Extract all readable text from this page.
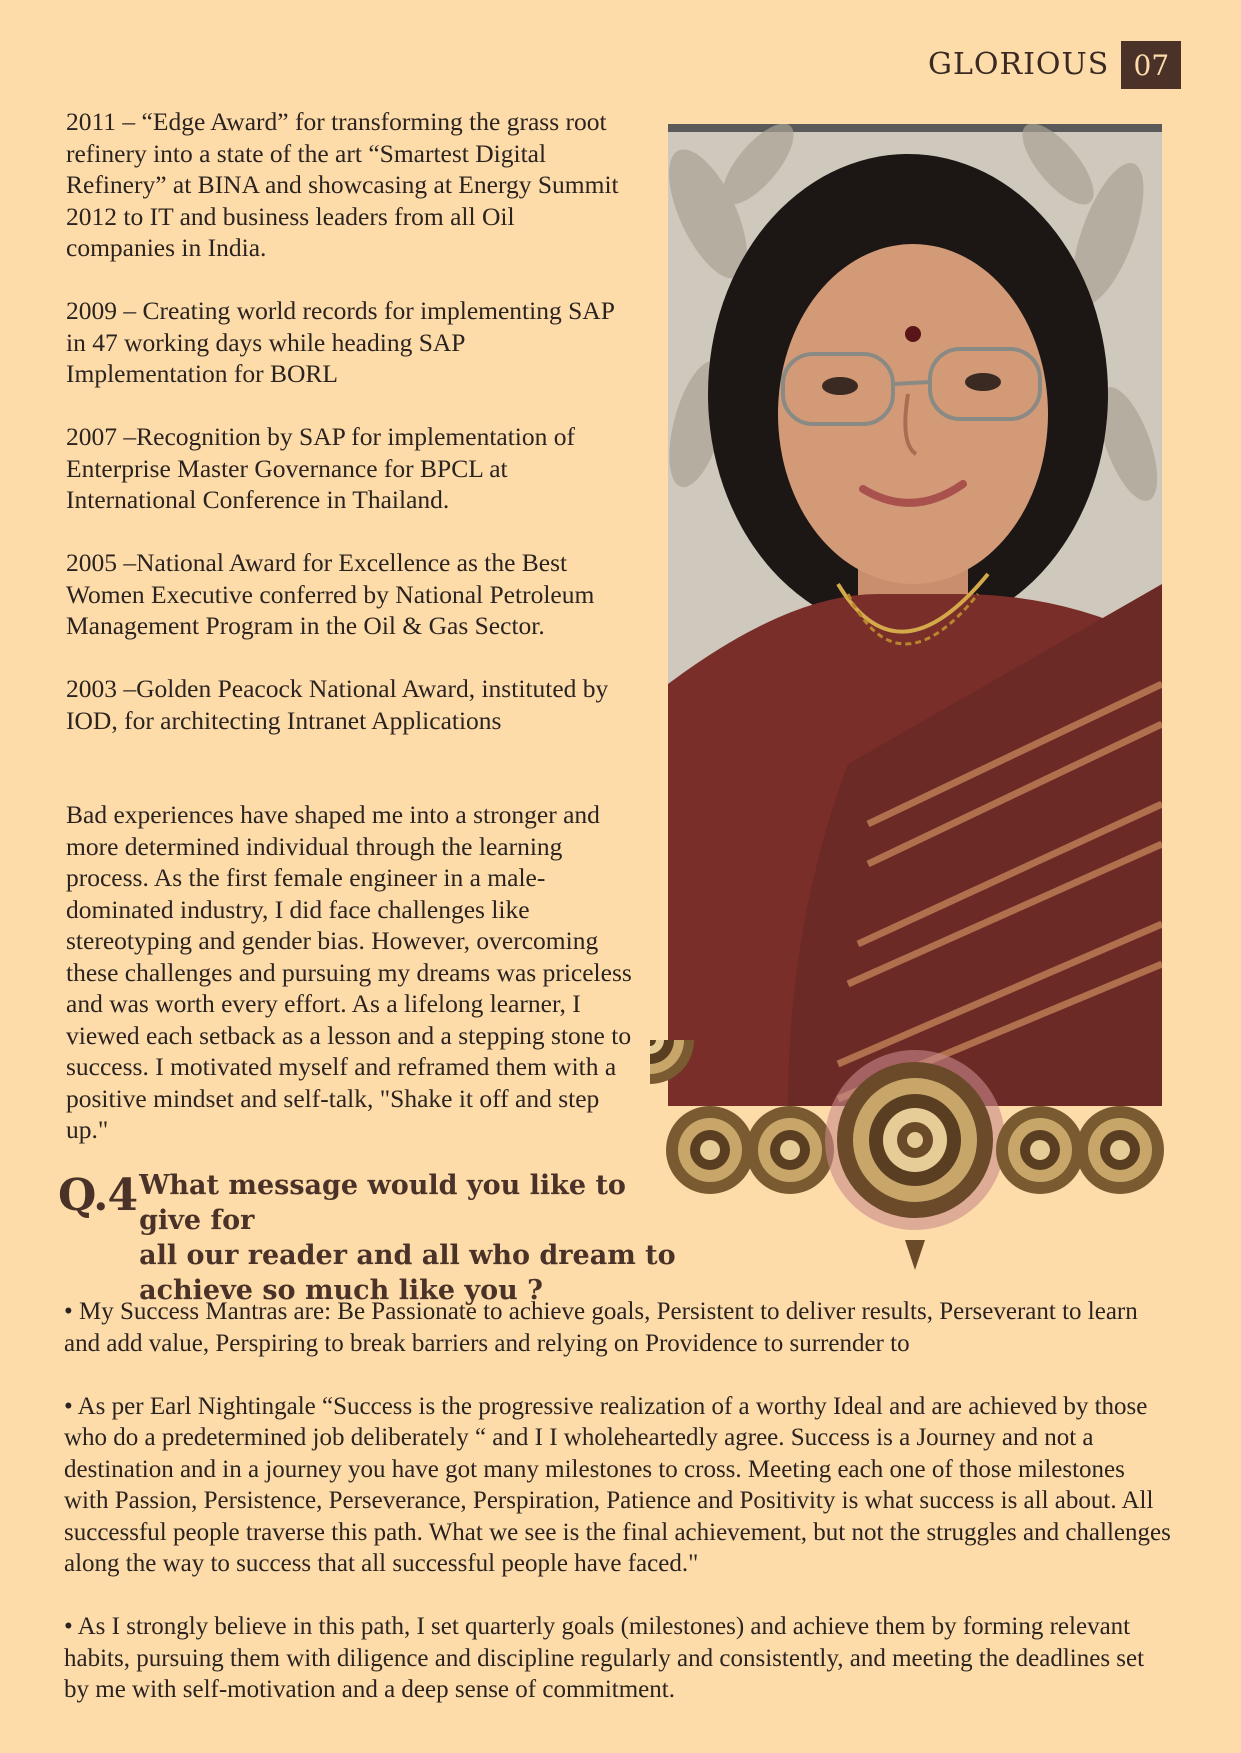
GLORIOUS 07

2011 – “Edge Award” for transforming the grass root
refinery into a state of the art “Smartest Digital
Refinery” at BINA and showcasing at Energy Summit
2012 to IT and business leaders from all Oil
companies in India.

2009 – Creating world records for implementing SAP
in 47 working days while heading SAP
Implementation for BORL

2007 –Recognition by SAP for implementation of
Enterprise Master Governance for BPCL at
International Conference in Thailand.

2005 –National Award for Excellence as the Best
Women Executive conferred by National Petroleum
Management Program in the Oil & Gas Sector.

2003 –Golden Peacock National Award, instituted by
IOD, for architecting Intranet Applications

Bad experiences have shaped me into a stronger and
more determined individual through the learning
process. As the first female engineer in a male-
dominated industry, I did face challenges like
stereotyping and gender bias. However, overcoming
these challenges and pursuing my dreams was priceless
and was worth every effort. As a lifelong learner, I
viewed each setback as a lesson and a stepping stone to
success. I motivated myself and reframed them with a
positive mindset and self-talk, "Shake it off and step
up."

Q.4 What message would you like to give for
all our reader and all who dream to
achieve so much like you ?

• My Success Mantras are: Be Passionate to achieve goals, Persistent to deliver results, Perseverant to learn
and add value, Perspiring to break barriers and relying on Providence to surrender to

• As per Earl Nightingale “Success is the progressive realization of a worthy Ideal and are achieved by those
who do a predetermined job deliberately “ and I I wholeheartedly agree. Success is a Journey and not a
destination and in a journey you have got many milestones to cross. Meeting each one of those milestones
with Passion, Persistence, Perseverance, Perspiration, Patience and Positivity is what success is all about. All
successful people traverse this path. What we see is the final achievement, but not the struggles and challenges
along the way to success that all successful people have faced."

• As I strongly believe in this path, I set quarterly goals (milestones) and achieve them by forming relevant
habits, pursuing them with diligence and discipline regularly and consistently, and meeting the deadlines set
by me with self-motivation and a deep sense of commitment.
